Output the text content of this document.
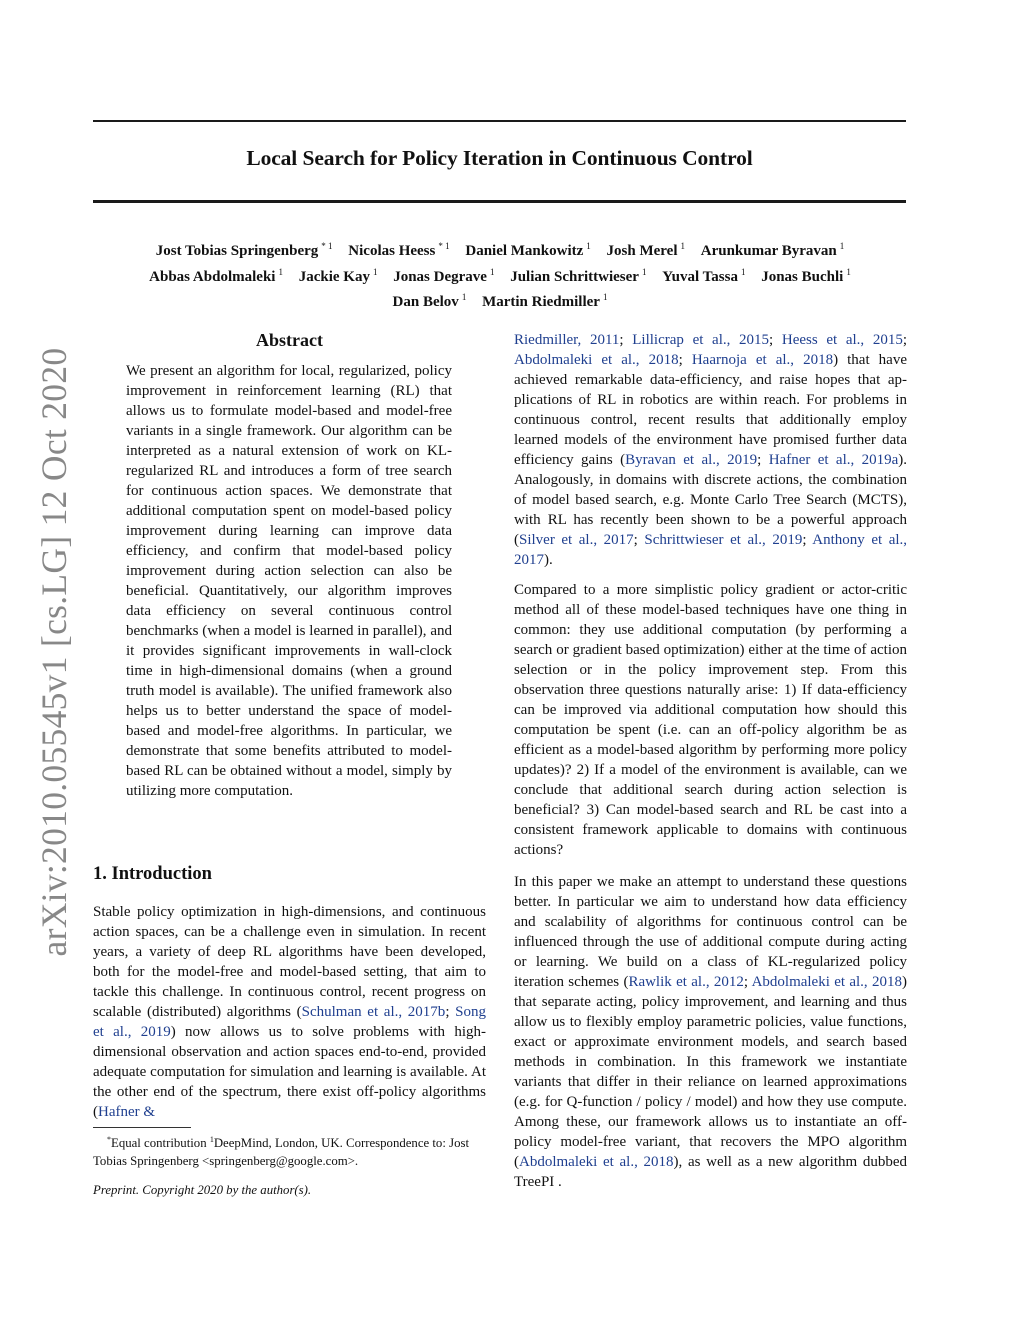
Local Search for Policy Iteration in Continuous Control
Jost Tobias Springenberg $^{* 1}$ Nicolas Heess $^{* 1}$ Daniel Mankowitz $^1$ Josh Merel $^1$ Arunkumar Byravan $^1$
Abbas Abdolmaleki $^1$ Jackie Kay $^1$ Jonas Degrave $^1$ Julian Schrittwieser $^1$ Yuval Tassa $^1$ Jonas Buchli $^1$
Dan Belov $^1$ Martin Riedmiller $^1$
arXiv:2010.05545v1 [cs.LG] 12 Oct 2020
Abstract

We present an algorithm for local, regularized, policy improvement in reinforcement learning (RL) that allows us to formulate model-based and model-free variants in a single framework. Our algorithm can be interpreted as a natural extension of work on KL-regularized RL and introduces a form of tree search for continuous action spaces. We demonstrate that additional computation spent on model-based policy improvement during learning can improve data efficiency, and confirm that model-based policy improvement during action selection can also be beneficial. Quantitatively, our algorithm improves data efficiency on several continuous control benchmarks (when a model is learned in parallel), and it provides significant improvements in wall-clock time in high-dimensional domains (when a ground truth model is available). The unified framework also helps us to better understand the space of model-based and model-free algorithms. In particular, we demonstrate that some benefits attributed to model-based RL can be obtained without a model, simply by utilizing more computation.

1. Introduction

Stable policy optimization in high-dimensions, and continuous action spaces, can be a challenge even in simulation. In recent years, a variety of deep RL algorithms have been developed, both for the model-free and model-based setting, that aim to tackle this challenge. In continuous control, recent progress on scalable (distributed) algorithms (Schulman et al., 2017b; Song et al., 2019) now allows us to solve problems with high-dimensional observation and action spaces end-to-end, provided adequate computation for simulation and learning is available. At the other end of the spectrum, there exist off-policy algorithms (Hafner &

*Equal contribution $^1$DeepMind, London, UK. Correspondence to: Jost Tobias Springenberg <springenberg@google.com>.
Preprint. Copyright 2020 by the author(s).

Riedmiller, 2011; Lillicrap et al., 2015; Heess et al., 2015; Abdolmaleki et al., 2018; Haarnoja et al., 2018) that have achieved remarkable data-efficiency, and raise hopes that applications of RL in robotics are within reach. For problems in continuous control, recent results that additionally employ learned models of the environment have promised further data efficiency gains (Byravan et al., 2019; Hafner et al., 2019a). Analogously, in domains with discrete actions, the combination of model based search, e.g. Monte Carlo Tree Search (MCTS), with RL has recently been shown to be a powerful approach (Silver et al., 2017; Schrittwieser et al., 2019; Anthony et al., 2017).

Compared to a more simplistic policy gradient or actor-critic method all of these model-based techniques have one thing in common: they use additional computation (by performing a search or gradient based optimization) either at the time of action selection or in the policy improvement step. From this observation three questions naturally arise: 1) If data-efficiency can be improved via additional computation how should this computation be spent (i.e. can an off-policy algorithm be as efficient as a model-based algorithm by performing more policy updates)? 2) If a model of the environment is available, can we conclude that additional search during action selection is beneficial? 3) Can model-based search and RL be cast into a consistent framework applicable to domains with continuous actions?

In this paper we make an attempt to understand these questions better. In particular we aim to understand how data efficiency and scalability of algorithms for continuous control can be influenced through the use of additional compute during acting or learning. We build on a class of KL-regularized policy iteration schemes (Rawlik et al., 2012; Abdolmaleki et al., 2018) that separate acting, policy improvement, and learning and thus allow us to flexibly employ parametric policies, value functions, exact or approximate environment models, and search based methods in combination. In this framework we instantiate variants that differ in their reliance on learned approximations (e.g. for Q-function / policy / model) and how they use compute. Among these, our framework allows us to instantiate an off-policy model-free variant, that recovers the MPO algorithm (Abdolmaleki et al., 2018), as well as a new algorithm dubbed TreePI .
